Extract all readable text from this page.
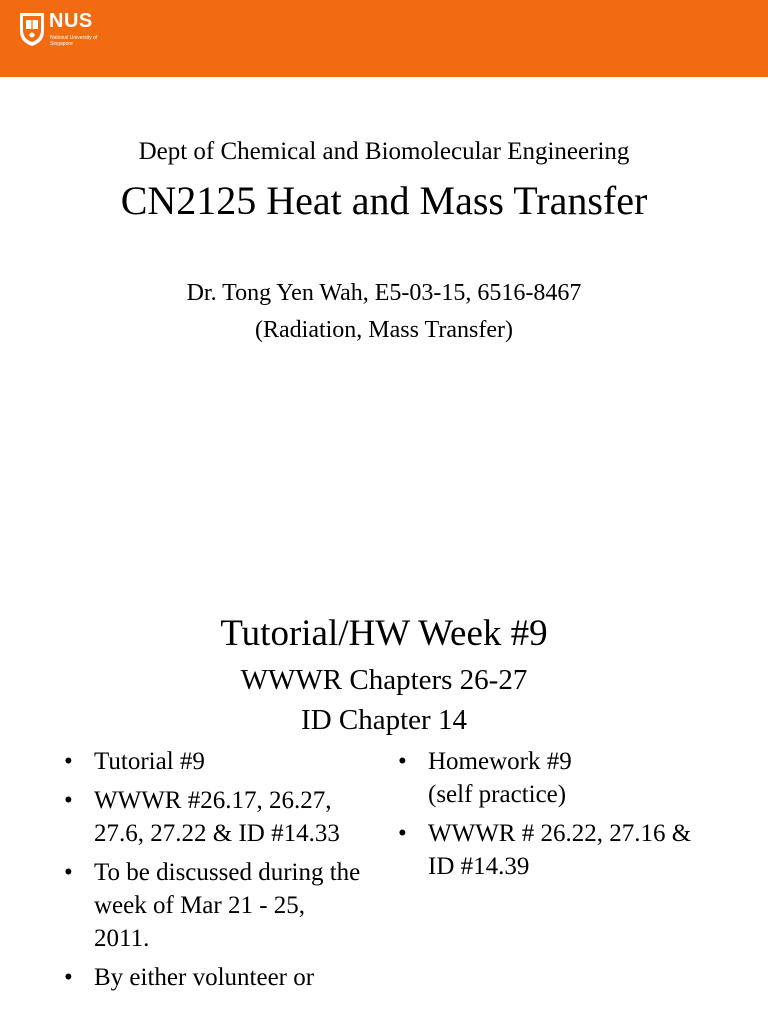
NUS
National University of Singapore
Dept of Chemical and Biomolecular Engineering
CN2125 Heat and Mass Transfer
Dr. Tong Yen Wah, E5-03-15, 6516-8467
(Radiation, Mass Transfer)
Tutorial/HW Week #9
WWWR Chapters 26-27
ID Chapter 14
• Tutorial #9
• WWWR #26.17, 26.27, 27.6, 27.22 & ID #14.33
• To be discussed during the week of Mar 21 - 25, 2011.
• By either volunteer or
• Homework #9
(self practice)
• WWWR # 26.22, 27.16 & ID #14.39
